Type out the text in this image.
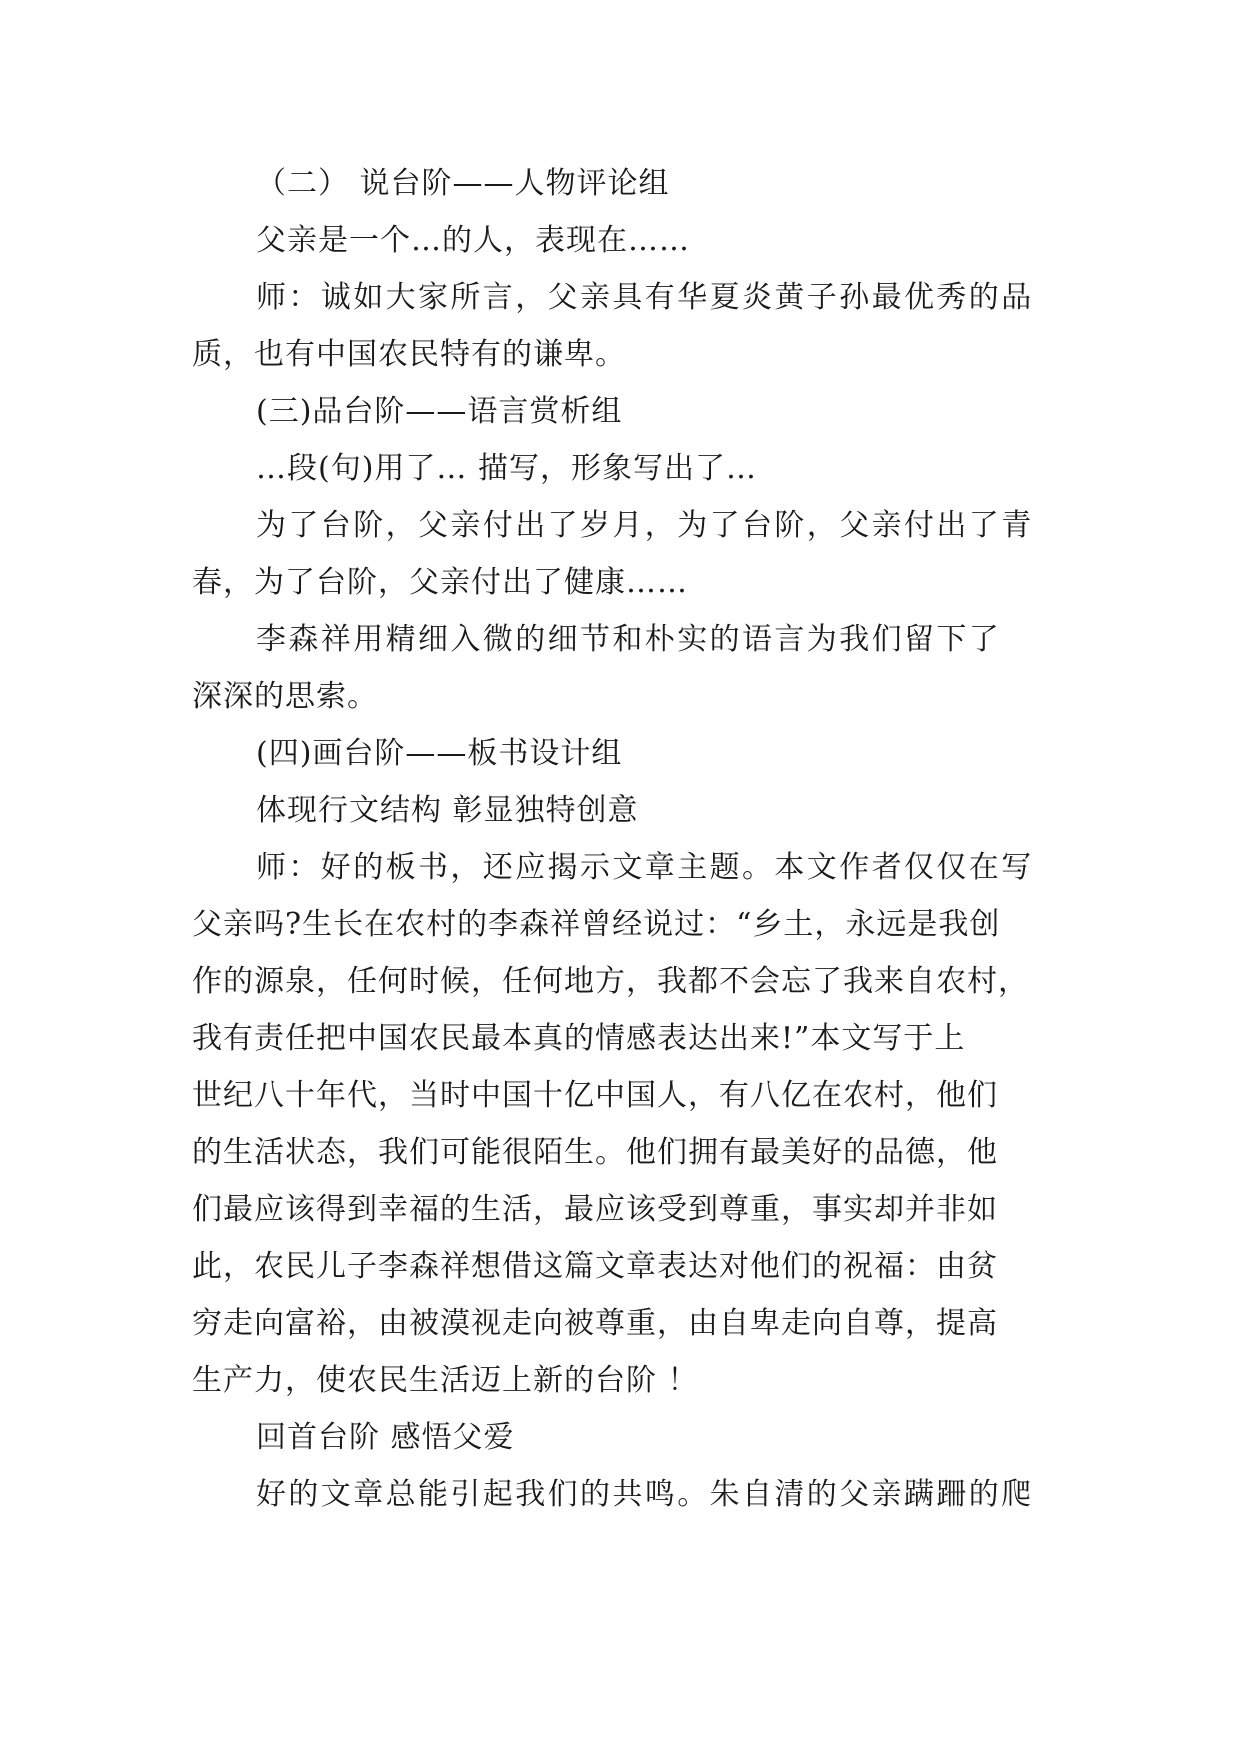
（二） 说台阶——人物评论组
父亲是一个…的人，表现在……
师：诚如大家所言，父亲具有华夏炎黄子孙最优秀的品
质，也有中国农民特有的谦卑。
(三)品台阶——语言赏析组
…段(句)用了… 描写，形象写出了…
为了台阶，父亲付出了岁月，为了台阶，父亲付出了青
春，为了台阶，父亲付出了健康……
李森祥用精细入微的细节和朴实的语言为我们留下了
深深的思索。
(四)画台阶——板书设计组
体现行文结构 彰显独特创意
师：好的板书，还应揭示文章主题。本文作者仅仅在写
父亲吗?生长在农村的李森祥曾经说过：“乡土，永远是我创
作的源泉，任何时候，任何地方，我都不会忘了我来自农村，
我有责任把中国农民最本真的情感表达出来!”本文写于上
世纪八十年代，当时中国十亿中国人，有八亿在农村，他们
的生活状态，我们可能很陌生。他们拥有最美好的品德，他
们最应该得到幸福的生活，最应该受到尊重，事实却并非如
此，农民儿子李森祥想借这篇文章表达对他们的祝福：由贫
穷走向富裕，由被漠视走向被尊重，由自卑走向自尊，提高
生产力，使农民生活迈上新的台阶 ！
回首台阶 感悟父爱
好的文章总能引起我们的共鸣。朱自清的父亲蹒跚的爬
